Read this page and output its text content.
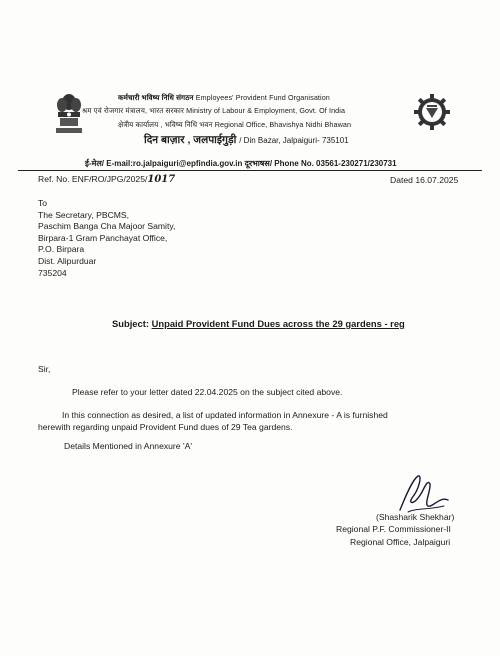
कर्मचारी भविष्य निधि संगठन Employees' Provident Fund Organisation
श्रम एवं रोजगार मंत्रालय, भारत सरकार Ministry of Labour & Employment, Govt. Of India
क्षेत्रीय कार्यालय , भविष्य निधि भवन Regional Office, Bhavishya Nidhi Bhawan
दिन बाज़ार , जलपाईगुड़ी / Din Bazar, Jalpaiguri- 735101
ई-मेल/ E-mail:ro.jalpaiguri@epfindia.gov.in दूरभाषस/ Phone No. 03561-230271/230731
Ref. No. ENF/RO/JPG/2025/1017	Dated 16.07.2025
To
The Secretary, PBCMS,
Paschim Banga Cha Majoor Samity,
Birpara-1 Gram Panchayat Office,
P.O. Birpara
Dist. Alipurduar
735204
Subject: Unpaid Provident Fund Dues across the 29 gardens - reg
Sir,
Please refer to your letter dated 22.04.2025 on the subject cited above.
In this connection as desired, a list of updated information in Annexure - A is furnished
herewith regarding unpaid Provident Fund dues of 29 Tea gardens.
Details Mentioned in Annexure 'A'
(Shasharik Shekhar)
Regional P.F. Commissioner-II
Regional Office, Jalpaiguri
